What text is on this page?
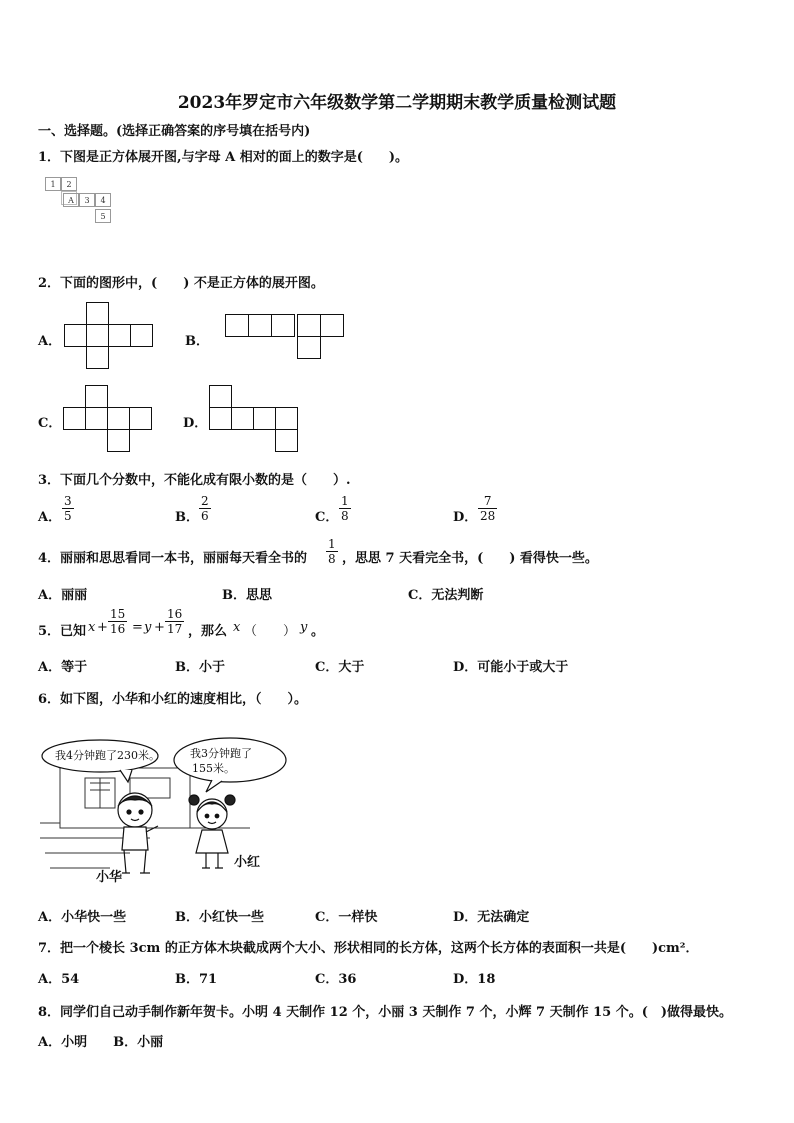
2023年罗定市六年级数学第二学期期末教学质量检测试题
一、选择题。(选择正确答案的序号填在括号内)
1．下图是正方体展开图,与字母 A 相对的面上的数字是(　　)。
1	2
A	3	4
5
2．下面的图形中，(　　) 不是正方体的展开图。
A．	B．
C．	D．
3．下面几个分数中，不能化成有限小数的是（　　）.
A． $\frac{3}{5}$	B． $\frac{2}{6}$	C． $\frac{1}{8}$	D． $\frac{7}{28}$
4．丽丽和思思看同一本书，丽丽每天看全书的 $\frac{1}{8}$ ，思思 7 天看完全书，(　　) 看得快一些。
A．丽丽	B．思思	C．无法判断
5．已知 $x + \frac{15}{16} = y + \frac{16}{17}$ ，那么 x （　　） y 。
A．等于	B．小于	C．大于	D．可能小于或大于
6．如下图，小华和小红的速度相比，（　　）。
我4分钟跑了230米。	我3分钟跑了
155米。
小华
小红
A．小华快一些	B．小红快一些	C．一样快	D．无法确定
7．把一个棱长 3cm 的正方体木块截成两个大小、形状相同的长方体，这两个长方体的表面积一共是(　　)cm²．
A．54	B．71	C．36	D．18
8．同学们自己动手制作新年贺卡。小明 4 天制作 12 个，小丽 3 天制作 7 个，小辉 7 天制作 15 个。(　)做得最快。
A．小明　　B．小丽
